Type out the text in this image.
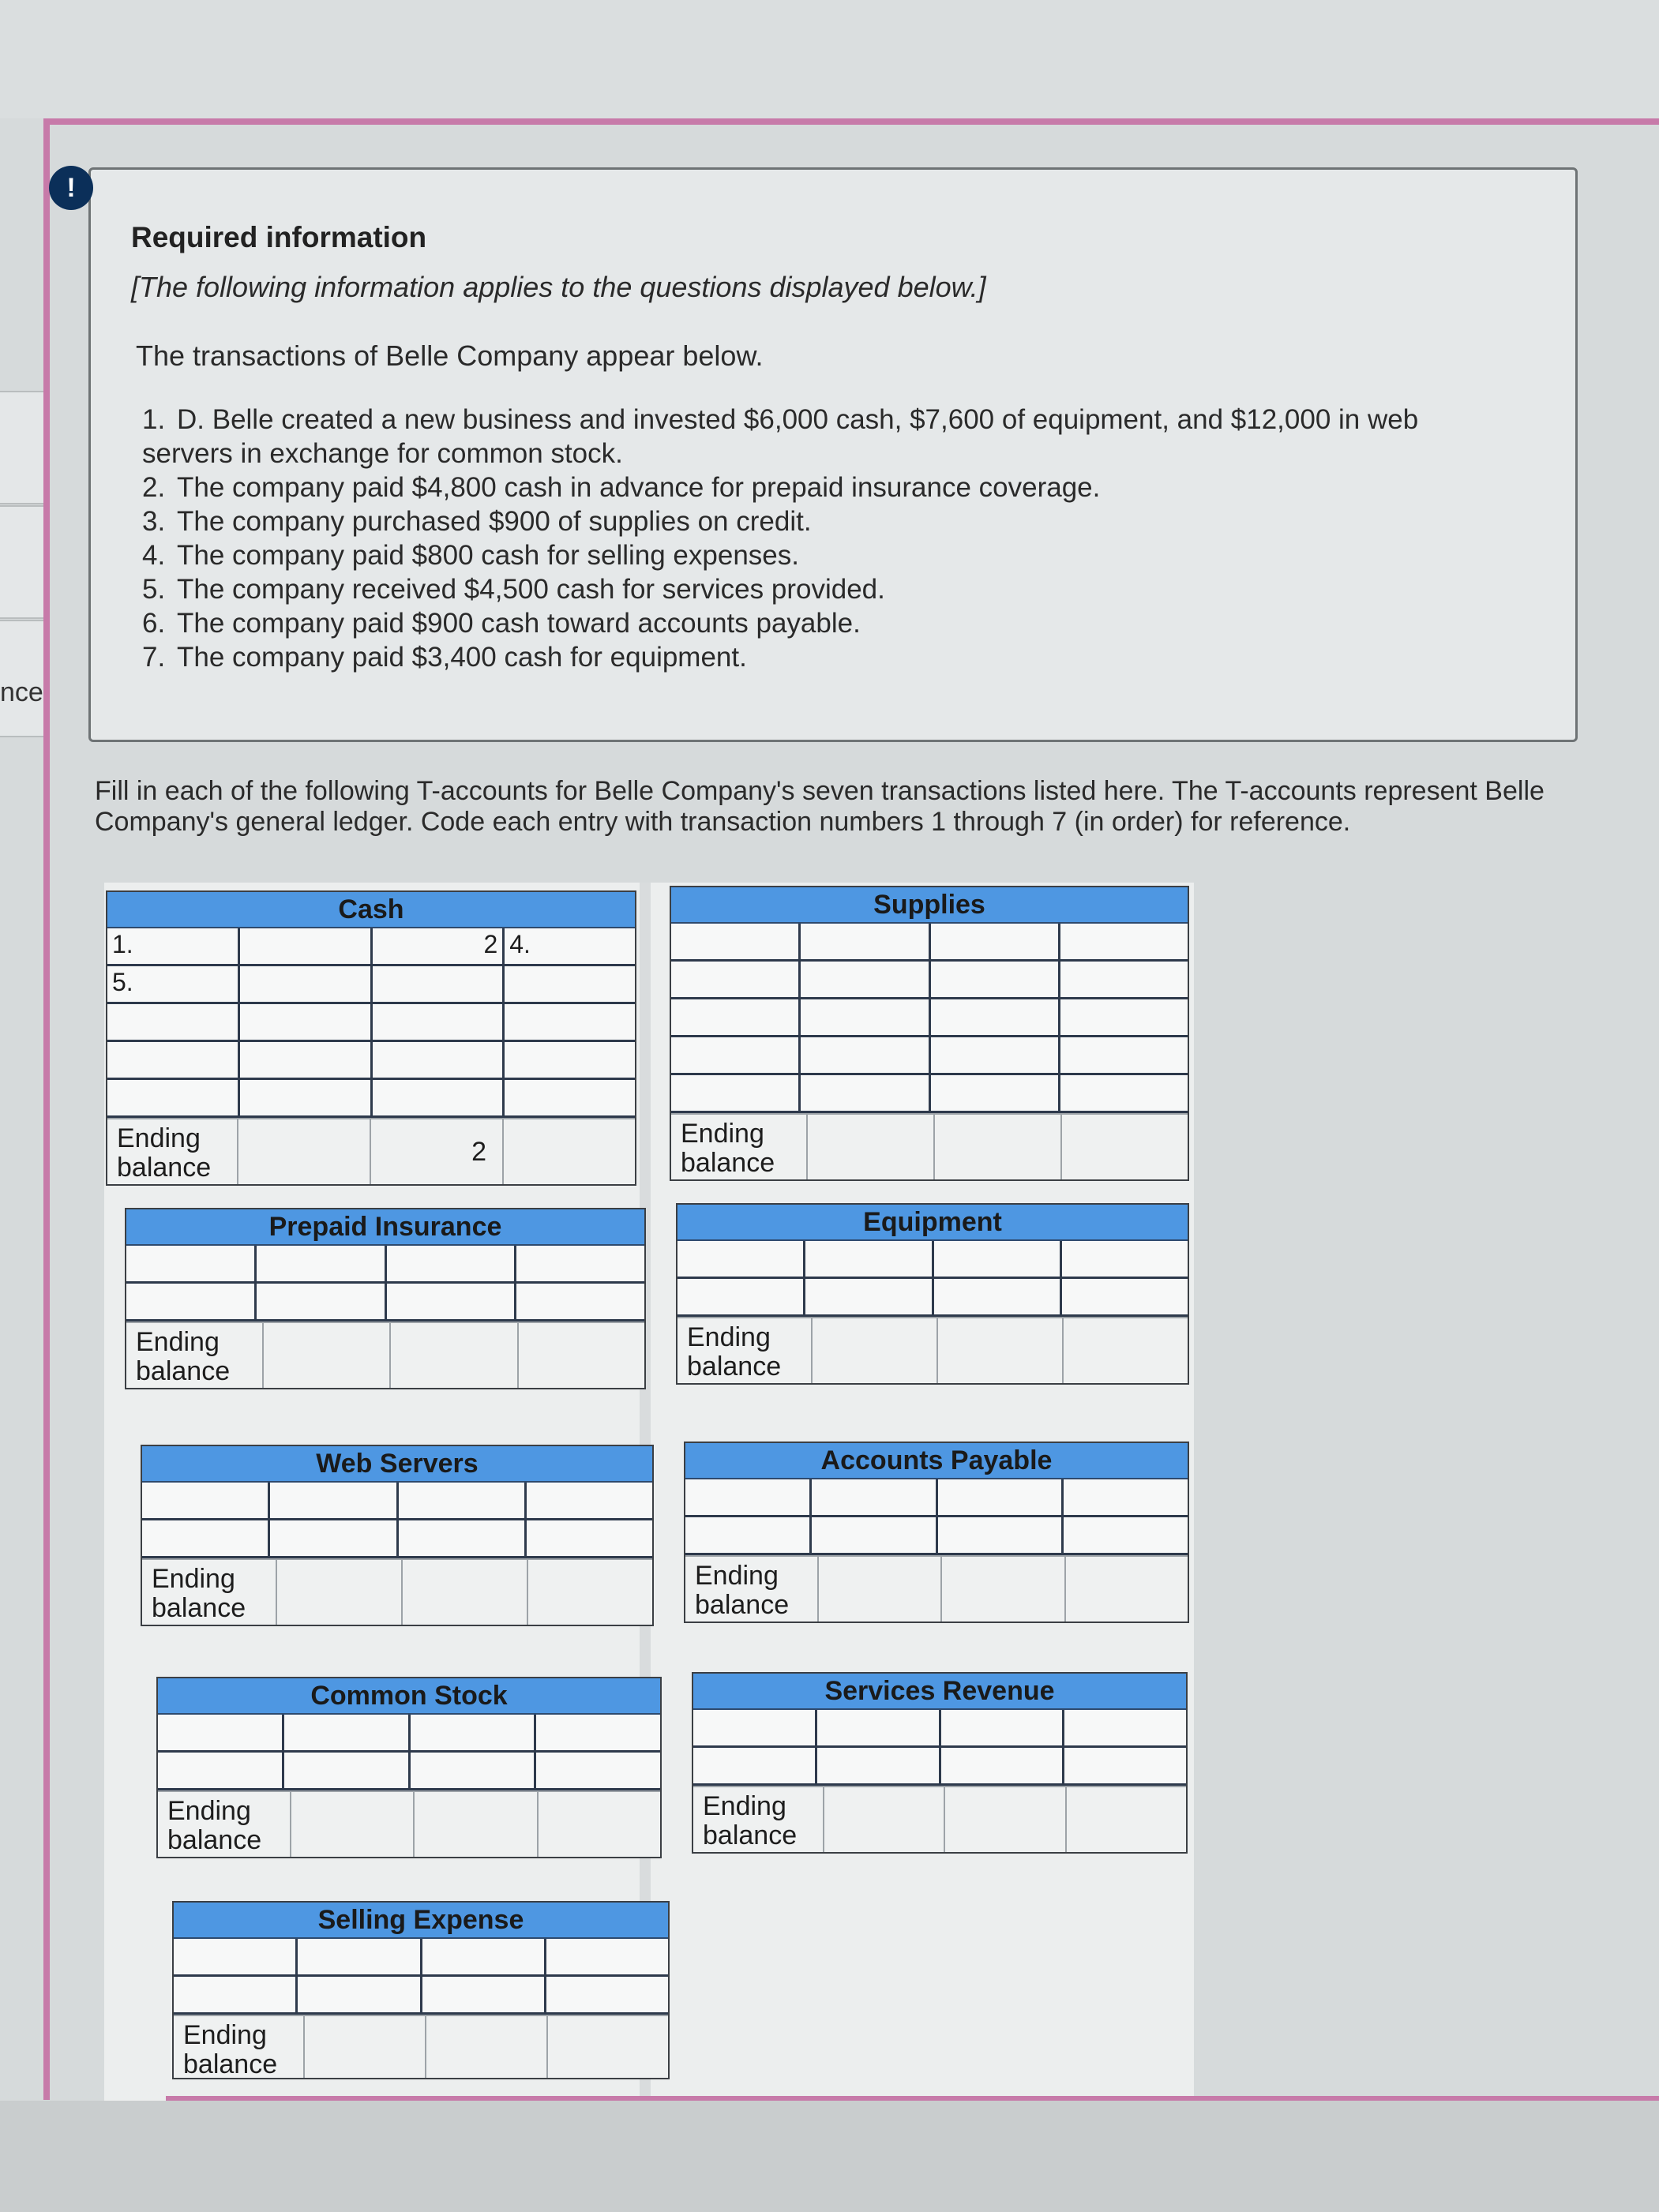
nce
!
Required information
[The following information applies to the questions displayed below.]
The transactions of Belle Company appear below.
1. D. Belle created a new business and invested $6,000 cash, $7,600 of equipment, and $12,000 in web servers in exchange for common stock.
2. The company paid $4,800 cash in advance for prepaid insurance coverage.
3. The company purchased $900 of supplies on credit.
4. The company paid $800 cash for selling expenses.
5. The company received $4,500 cash for services provided.
6. The company paid $900 cash toward accounts payable.
7. The company paid $3,400 cash for equipment.
Fill in each of the following T-accounts for Belle Company's seven transactions listed here. The T-accounts represent Belle Company's general ledger. Code each entry with transaction numbers 1 through 7 (in order) for reference.
Cash
1.	2 4.
5.
Ending balance
2
Supplies
Ending balance
Prepaid Insurance
Ending balance
Equipment
Ending balance
Web Servers
Ending balance
Accounts Payable
Ending balance
Common Stock
Ending balance
Services Revenue
Ending balance
Selling Expense
Ending balance
